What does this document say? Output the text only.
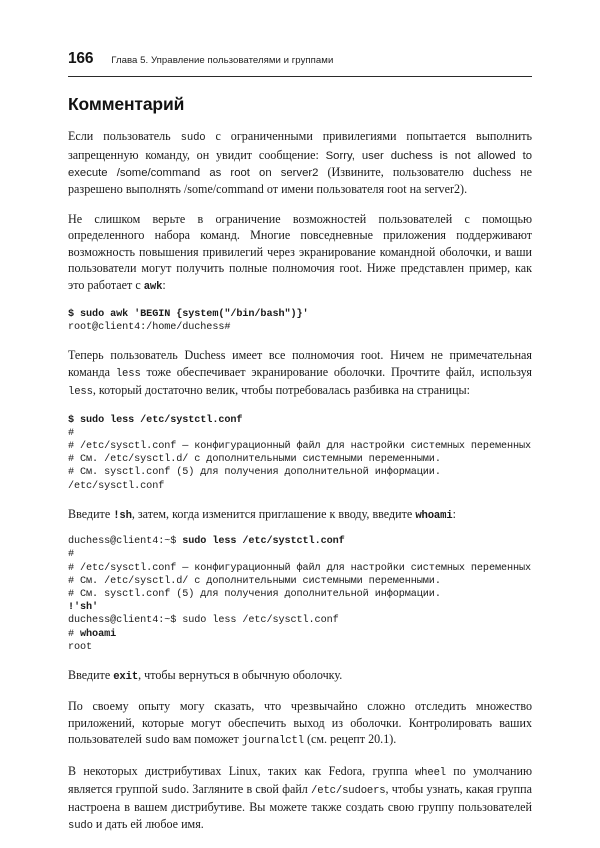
166 Глава 5. Управление пользователями и группами
Комментарий

Если пользователь sudo с ограниченными привилегиями попытается выполнить запрещенную команду, он увидит сообщение: Sorry, user duchess is not allowed to execute /some/command as root on server2 (Извините, пользователю duchess не разрешено выполнять /some/command от имени пользователя root на server2).

Не слишком верьте в ограничение возможностей пользователей с помощью определенного набора команд. Многие повседневные приложения поддерживают возможность повышения привилегий через экранирование командной оболочки, и ваши пользователи могут получить полные полномочия root. Ниже представлен пример, как это работает с awk:

$ sudo awk 'BEGIN {system("/bin/bash")}'
root@client4:/home/duchess#

Теперь пользователь Duchess имеет все полномочия root. Ничем не примечательная команда less тоже обеспечивает экранирование оболочки. Прочтите файл, используя less, который достаточно велик, чтобы потребовалась разбивка на страницы:

$ sudo less /etc/systctl.conf
#
# /etc/sysctl.conf — конфигурационный файл для настройки системных переменных
# См. /etc/sysctl.d/ с дополнительными системными переменными.
# См. sysctl.conf (5) для получения дополнительной информации.
/etc/sysctl.conf

Введите !sh, затем, когда изменится приглашение к вводу, введите whoami:

duchess@client4:~$ sudo less /etc/systctl.conf
#
# /etc/sysctl.conf — конфигурационный файл для настройки системных переменных
# См. /etc/sysctl.d/ с дополнительными системными переменными.
# См. sysctl.conf (5) для получения дополнительной информации.
!'sh'
duchess@client4:~$ sudo less /etc/sysctl.conf
# whoami
root

Введите exit, чтобы вернуться в обычную оболочку.

По своему опыту могу сказать, что чрезвычайно сложно отследить множество приложений, которые могут обеспечить выход из оболочки. Контролировать ваших пользователей sudo вам поможет journalctl (см. рецепт 20.1).

В некоторых дистрибутивах Linux, таких как Fedora, группа wheel по умолчанию является группой sudo. Загляните в свой файл /etc/sudoers, чтобы узнать, какая группа настроена в вашем дистрибутиве. Вы можете также создать свою группу пользователей sudo и дать ей любое имя.
